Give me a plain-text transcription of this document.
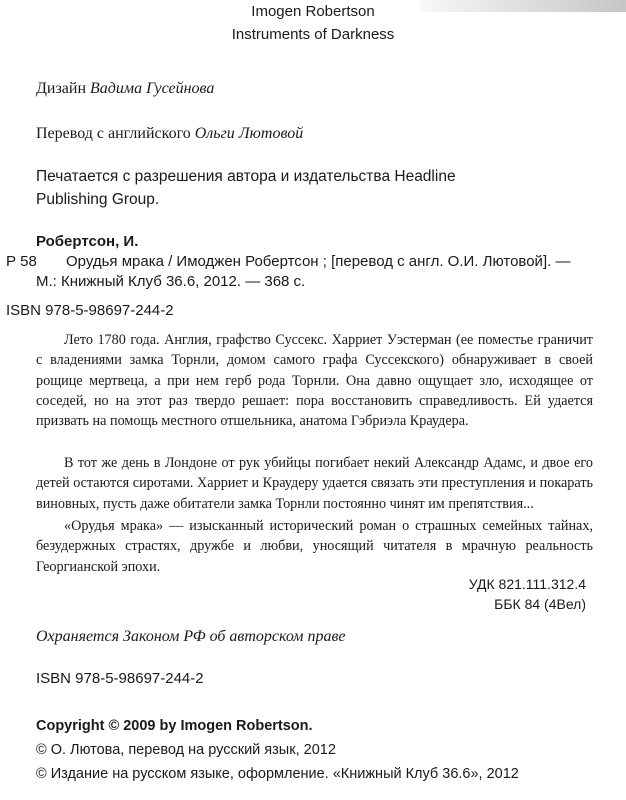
Imogen Robertson
Instruments of Darkness
Дизайн Вадима Гусейнова
Перевод с английского Ольги Лютовой
Печатается с разрешения автора и издательства Headline
Publishing Group.
Робертсон, И.
Р 58 Орудья мрака / Имоджен Робертсон ; [перевод с англ. О.И. Лютовой]. —
М.: Книжный Клуб 36.6, 2012. — 368 с.
ISBN 978-5-98697-244-2
Лето 1780 года. Англия, графство Суссекс. Харриет Уэстерман (ее поместье граничит с владениями замка Торнли, домом самого графа Суссекского) обнаруживает в своей рощице мертвеца, а при нем герб рода Торнли. Она давно ощущает зло, исходящее от соседей, но на этот раз твердо решает: пора восстановить справедливость. Ей удается призвать на помощь местного отшельника, анатома Гэбриэла Краудера.
В тот же день в Лондоне от рук убийцы погибает некий Александр Адамс, и двое его детей остаются сиротами. Харриет и Краудеру удается связать эти преступления и покарать виновных, пусть даже обитатели замка Торнли постоянно чинят им препятствия...
«Орудья мрака» — изысканный исторический роман о страшных семейных тайнах, безудержных страстях, дружбе и любви, уносящий читателя в мрачную реальность Георгианской эпохи.
УДК 821.111.312.4
ББК 84 (4Вел)
Охраняется Законом РФ об авторском праве
ISBN 978-5-98697-244-2
Copyright © 2009 by Imogen Robertson.
© О. Лютова, перевод на русский язык, 2012
© Издание на русском языке, оформление. «Книжный Клуб 36.6», 2012
